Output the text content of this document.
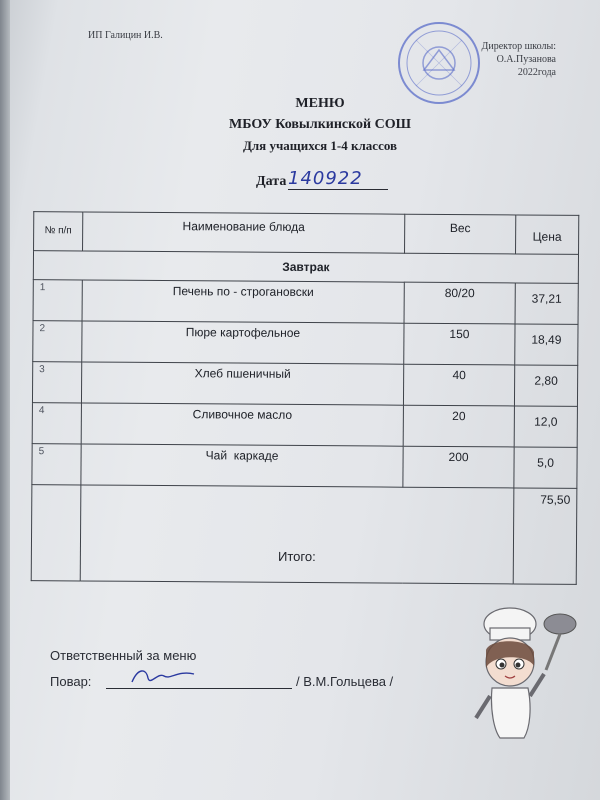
ИП Галицин И.В.
Директор школы:
О.А.Пузанова
2022года
МЕНЮ
МБОУ Ковылкинской СОШ
Для учащихся 1-4 классов
Дата 140922
№ п/п	Наименование блюда	Вес	Цена
Завтрак			
1	Печень по - строгановски	80/20	37,21
2	Пюре картофельное	150	18,49
3	Хлеб пшеничный	40	2,80
4	Сливочное масло	20	12,0
5	Чай  каркаде	200	5,0
	Итого:		75,50
Ответственный за меню
Повар:	/ В.М.Гольцева /
